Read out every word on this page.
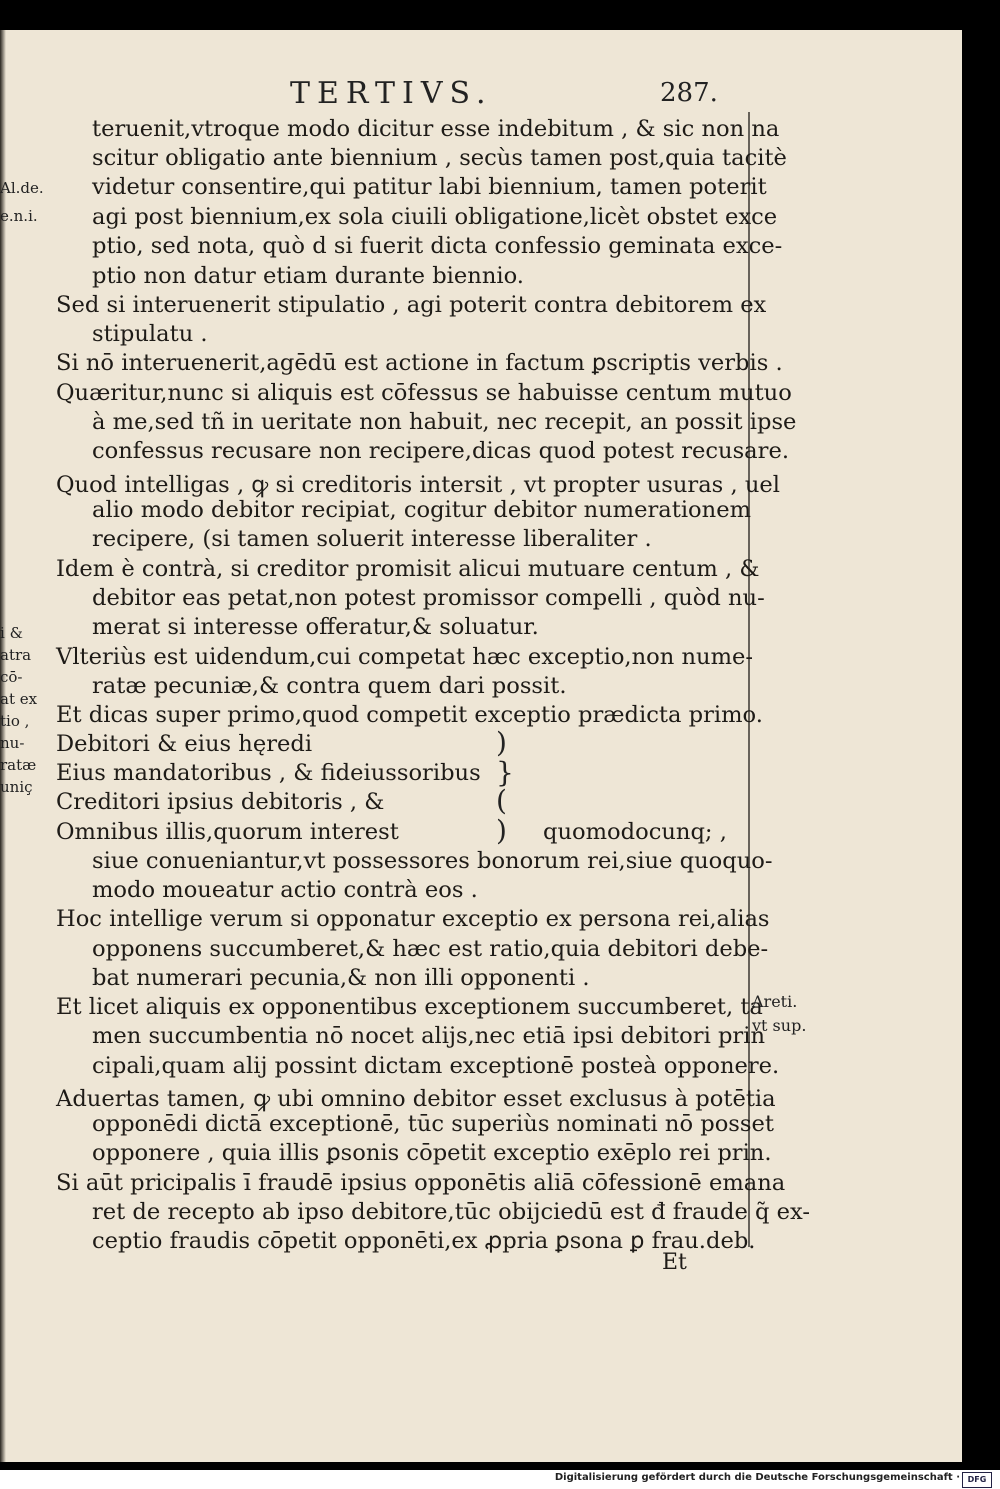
TERTIVS.	287.
teruenit,vtroque modo dicitur esse indebitum , & sic non na
scitur obligatio ante biennium , secùs tamen post,quia tacitè
videtur consentire,qui patitur labi biennium, tamen poterit
agi post biennium,ex sola ciuili obligatione,licèt obstet exce
ptio, sed nota, quò d si fuerit dicta confessio geminata exce-
ptio non datur etiam durante biennio.
Sed si interuenerit stipulatio , agi poterit contra debitorem ex
stipulatu .
Si nō interuenerit,agēdū est actione in factum ꝑscriptis verbis .
Quæritur,nunc si aliquis est cōfessus se habuisse centum mutuo
à me,sed tñ in ueritate non habuit, nec recepit, an possit ipse
confessus recusare non recipere,dicas quod potest recusare.
Quod intelligas , ꝙ si creditoris intersit , vt propter usuras , uel
alio modo debitor recipiat, cogitur debitor numerationem
recipere, (si tamen soluerit interesse liberaliter .
Idem è contrà, si creditor promisit alicui mutuare centum , &
debitor eas petat,non potest promissor compelli , quòd nu-
merat si interesse offeratur,& soluatur.
Vlteriùs est uidendum,cui competat hæc exceptio,non nume-
ratæ pecuniæ,& contra quem dari possit.
Et dicas super primo,quod competit exceptio prædicta primo.
Debitori & eius hęredi
Eius mandatoribus , & fideiussoribus
Creditori ipsius debitoris , &
Omnibus illis,quorum interest
)
}
(
) quomodocunq; ,
siue conueniantur,vt possessores bonorum rei,siue quoquo-
modo moueatur actio contrà eos .
Hoc intellige verum si opponatur exceptio ex persona rei,alias
opponens succumberet,& hæc est ratio,quia debitori debe-
bat numerari pecunia,& non illi opponenti .
Et licet aliquis ex opponentibus exceptionem succumberet, ta
men succumbentia nō nocet alijs,nec etiā ipsi debitori prin
cipali,quam alij possint dictam exceptionē posteà opponere.
Aduertas tamen, ꝙ ubi omnino debitor esset exclusus à potētia
opponēdi dictā exceptionē, tūc superiùs nominati nō posset
opponere , quia illis ꝑsonis cōpetit exceptio exēplo rei prin.
Si aūt pricipalis ī fraudē ipsius opponētis aliā cōfessionē emana
ret de recepto ab ipso debitore,tūc obijciedū est đ fraude q̃ ex-
ceptio fraudis cōpetit opponēti,ex ꝓpria ꝑsona ꝑ frau.deb.
Et
Al.de.
e.n.i.
i &
atra
cō-
at ex
tio ,
nu-
ratæ
uniç
Areti.
vt sup.
Digitalisierung gefördert durch die Deutsche Forschungsgemeinschaft · DFG
